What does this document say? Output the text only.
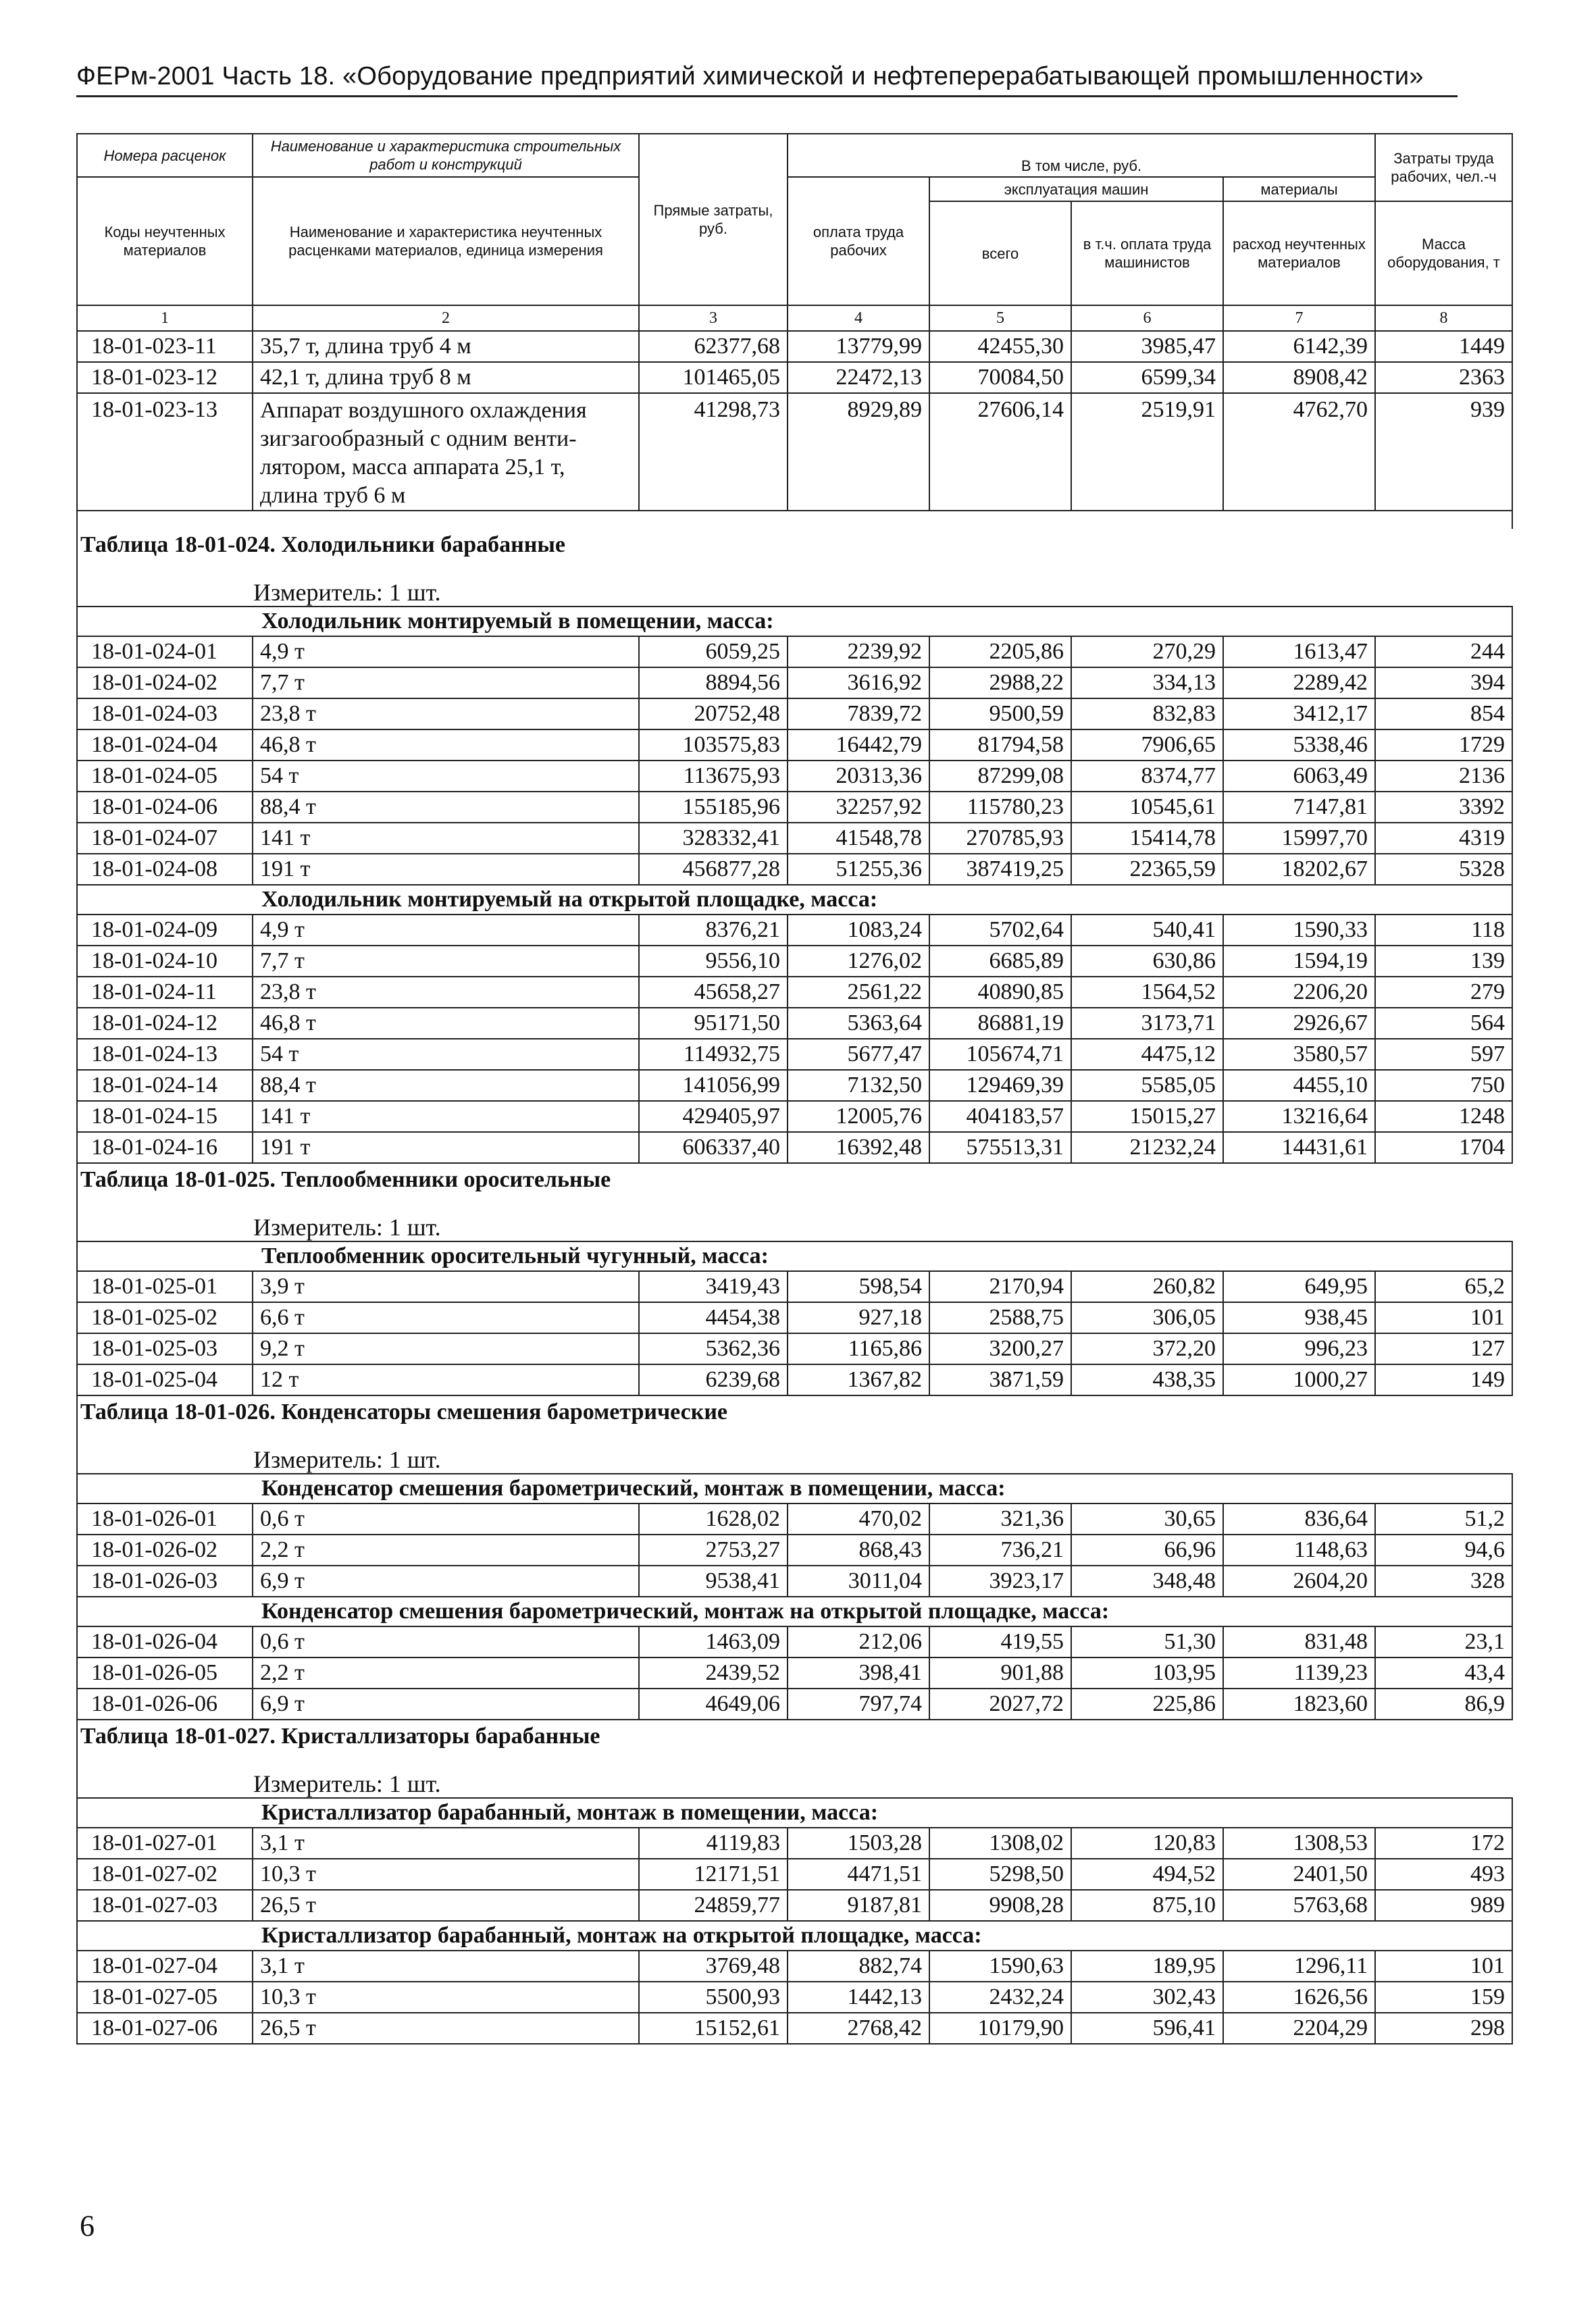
ФЕРм-2001 Часть 18. «Оборудование предприятий химической и нефтеперерабатывающей промышленности»
Номера расценок	Наименование и характеристика строительных работ и конструкций	Прямые затраты, руб.	В том числе, руб.				Затраты труда рабочих, чел.-ч
Коды неучтенных материалов	Наименование и характеристика неучтенных расценками материалов, единица измерения		оплата труда рабочих	эксплуатация машин		материалы	
				всего	в т.ч. оплата труда машинистов	расход неучтенных материалов	Масса оборудования, т
1	2	3	4	5	6	7	8
18-01-023-11	35,7 т, длина труб 4 м	62377,68	13779,99	42455,30	3985,47	6142,39	1449
18-01-023-12	42,1 т, длина труб 8 м	101465,05	22472,13	70084,50	6599,34	8908,42	2363
18-01-023-13	Аппарат воздушного охлаждения
зигзагообразный с одним венти-
лятором, масса аппарата 25,1 т,
длина труб 6 м	41298,73	8929,89	27606,14	2519,91	4762,70	939

Таблица 18-01-024. Холодильники барабанные							
Измеритель: 1 шт.							
Холодильник монтируемый в помещении, масса:							
18-01-024-01	4,9 т	6059,25	2239,92	2205,86	270,29	1613,47	244
18-01-024-02	7,7 т	8894,56	3616,92	2988,22	334,13	2289,42	394
18-01-024-03	23,8 т	20752,48	7839,72	9500,59	832,83	3412,17	854
18-01-024-04	46,8 т	103575,83	16442,79	81794,58	7906,65	5338,46	1729
18-01-024-05	54 т	113675,93	20313,36	87299,08	8374,77	6063,49	2136
18-01-024-06	88,4 т	155185,96	32257,92	115780,23	10545,61	7147,81	3392
18-01-024-07	141 т	328332,41	41548,78	270785,93	15414,78	15997,70	4319
18-01-024-08	191 т	456877,28	51255,36	387419,25	22365,59	18202,67	5328
Холодильник монтируемый на открытой площадке, масса:							
18-01-024-09	4,9 т	8376,21	1083,24	5702,64	540,41	1590,33	118
18-01-024-10	7,7 т	9556,10	1276,02	6685,89	630,86	1594,19	139
18-01-024-11	23,8 т	45658,27	2561,22	40890,85	1564,52	2206,20	279
18-01-024-12	46,8 т	95171,50	5363,64	86881,19	3173,71	2926,67	564
18-01-024-13	54 т	114932,75	5677,47	105674,71	4475,12	3580,57	597
18-01-024-14	88,4 т	141056,99	7132,50	129469,39	5585,05	4455,10	750
18-01-024-15	141 т	429405,97	12005,76	404183,57	15015,27	13216,64	1248
18-01-024-16	191 т	606337,40	16392,48	575513,31	21232,24	14431,61	1704
Таблица 18-01-025. Теплообменники оросительные							
Измеритель: 1 шт.							
Теплообменник оросительный чугунный, масса:							
18-01-025-01	3,9 т	3419,43	598,54	2170,94	260,82	649,95	65,2
18-01-025-02	6,6 т	4454,38	927,18	2588,75	306,05	938,45	101
18-01-025-03	9,2 т	5362,36	1165,86	3200,27	372,20	996,23	127
18-01-025-04	12 т	6239,68	1367,82	3871,59	438,35	1000,27	149
Таблица 18-01-026. Конденсаторы смешения барометрические							
Измеритель: 1 шт.							
Конденсатор смешения барометрический, монтаж в помещении, масса:							
18-01-026-01	0,6 т	1628,02	470,02	321,36	30,65	836,64	51,2
18-01-026-02	2,2 т	2753,27	868,43	736,21	66,96	1148,63	94,6
18-01-026-03	6,9 т	9538,41	3011,04	3923,17	348,48	2604,20	328
Конденсатор смешения барометрический, монтаж на открытой площадке, масса:							
18-01-026-04	0,6 т	1463,09	212,06	419,55	51,30	831,48	23,1
18-01-026-05	2,2 т	2439,52	398,41	901,88	103,95	1139,23	43,4
18-01-026-06	6,9 т	4649,06	797,74	2027,72	225,86	1823,60	86,9
Таблица 18-01-027. Кристаллизаторы барабанные							
Измеритель: 1 шт.							
Кристаллизатор барабанный, монтаж в помещении, масса:							
18-01-027-01	3,1 т	4119,83	1503,28	1308,02	120,83	1308,53	172
18-01-027-02	10,3 т	12171,51	4471,51	5298,50	494,52	2401,50	493
18-01-027-03	26,5 т	24859,77	9187,81	9908,28	875,10	5763,68	989
Кристаллизатор барабанный, монтаж на открытой площадке, масса:							
18-01-027-04	3,1 т	3769,48	882,74	1590,63	189,95	1296,11	101
18-01-027-05	10,3 т	5500,93	1442,13	2432,24	302,43	1626,56	159
18-01-027-06	26,5 т	15152,61	2768,42	10179,90	596,41	2204,29	298
6
